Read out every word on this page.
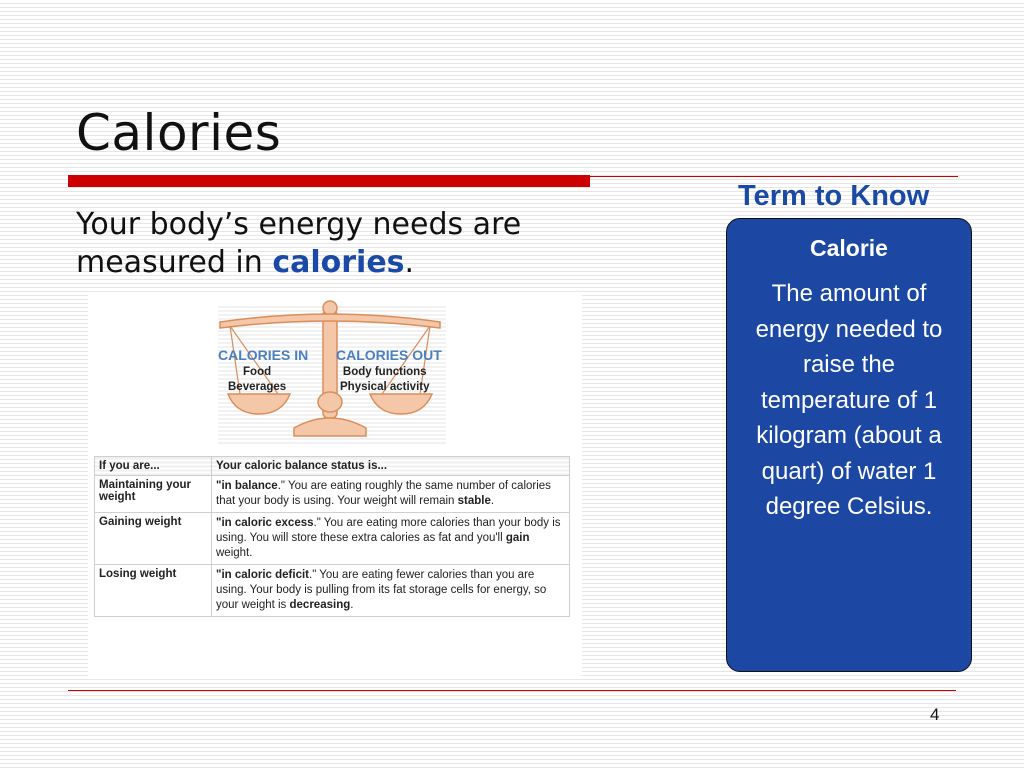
Calories
Term to Know
Your body’s energy needs are measured in calories.
CALORIES IN
Food
Beverages
CALORIES OUT
Body functions
Physical activity
If you are...	Your caloric balance status is...
Maintaining your weight	"in balance." You are eating roughly the same number of calories that your body is using. Your weight will remain stable.
Gaining weight	"in caloric excess." You are eating more calories than your body is using. You will store these extra calories as fat and you'll gain weight.
Losing weight	"in caloric deficit." You are eating fewer calories than you are using. Your body is pulling from its fat storage cells for energy, so your weight is decreasing.
Calorie
The amount of energy needed to raise the temperature of 1 kilogram (about a quart) of water 1 degree Celsius.
4
